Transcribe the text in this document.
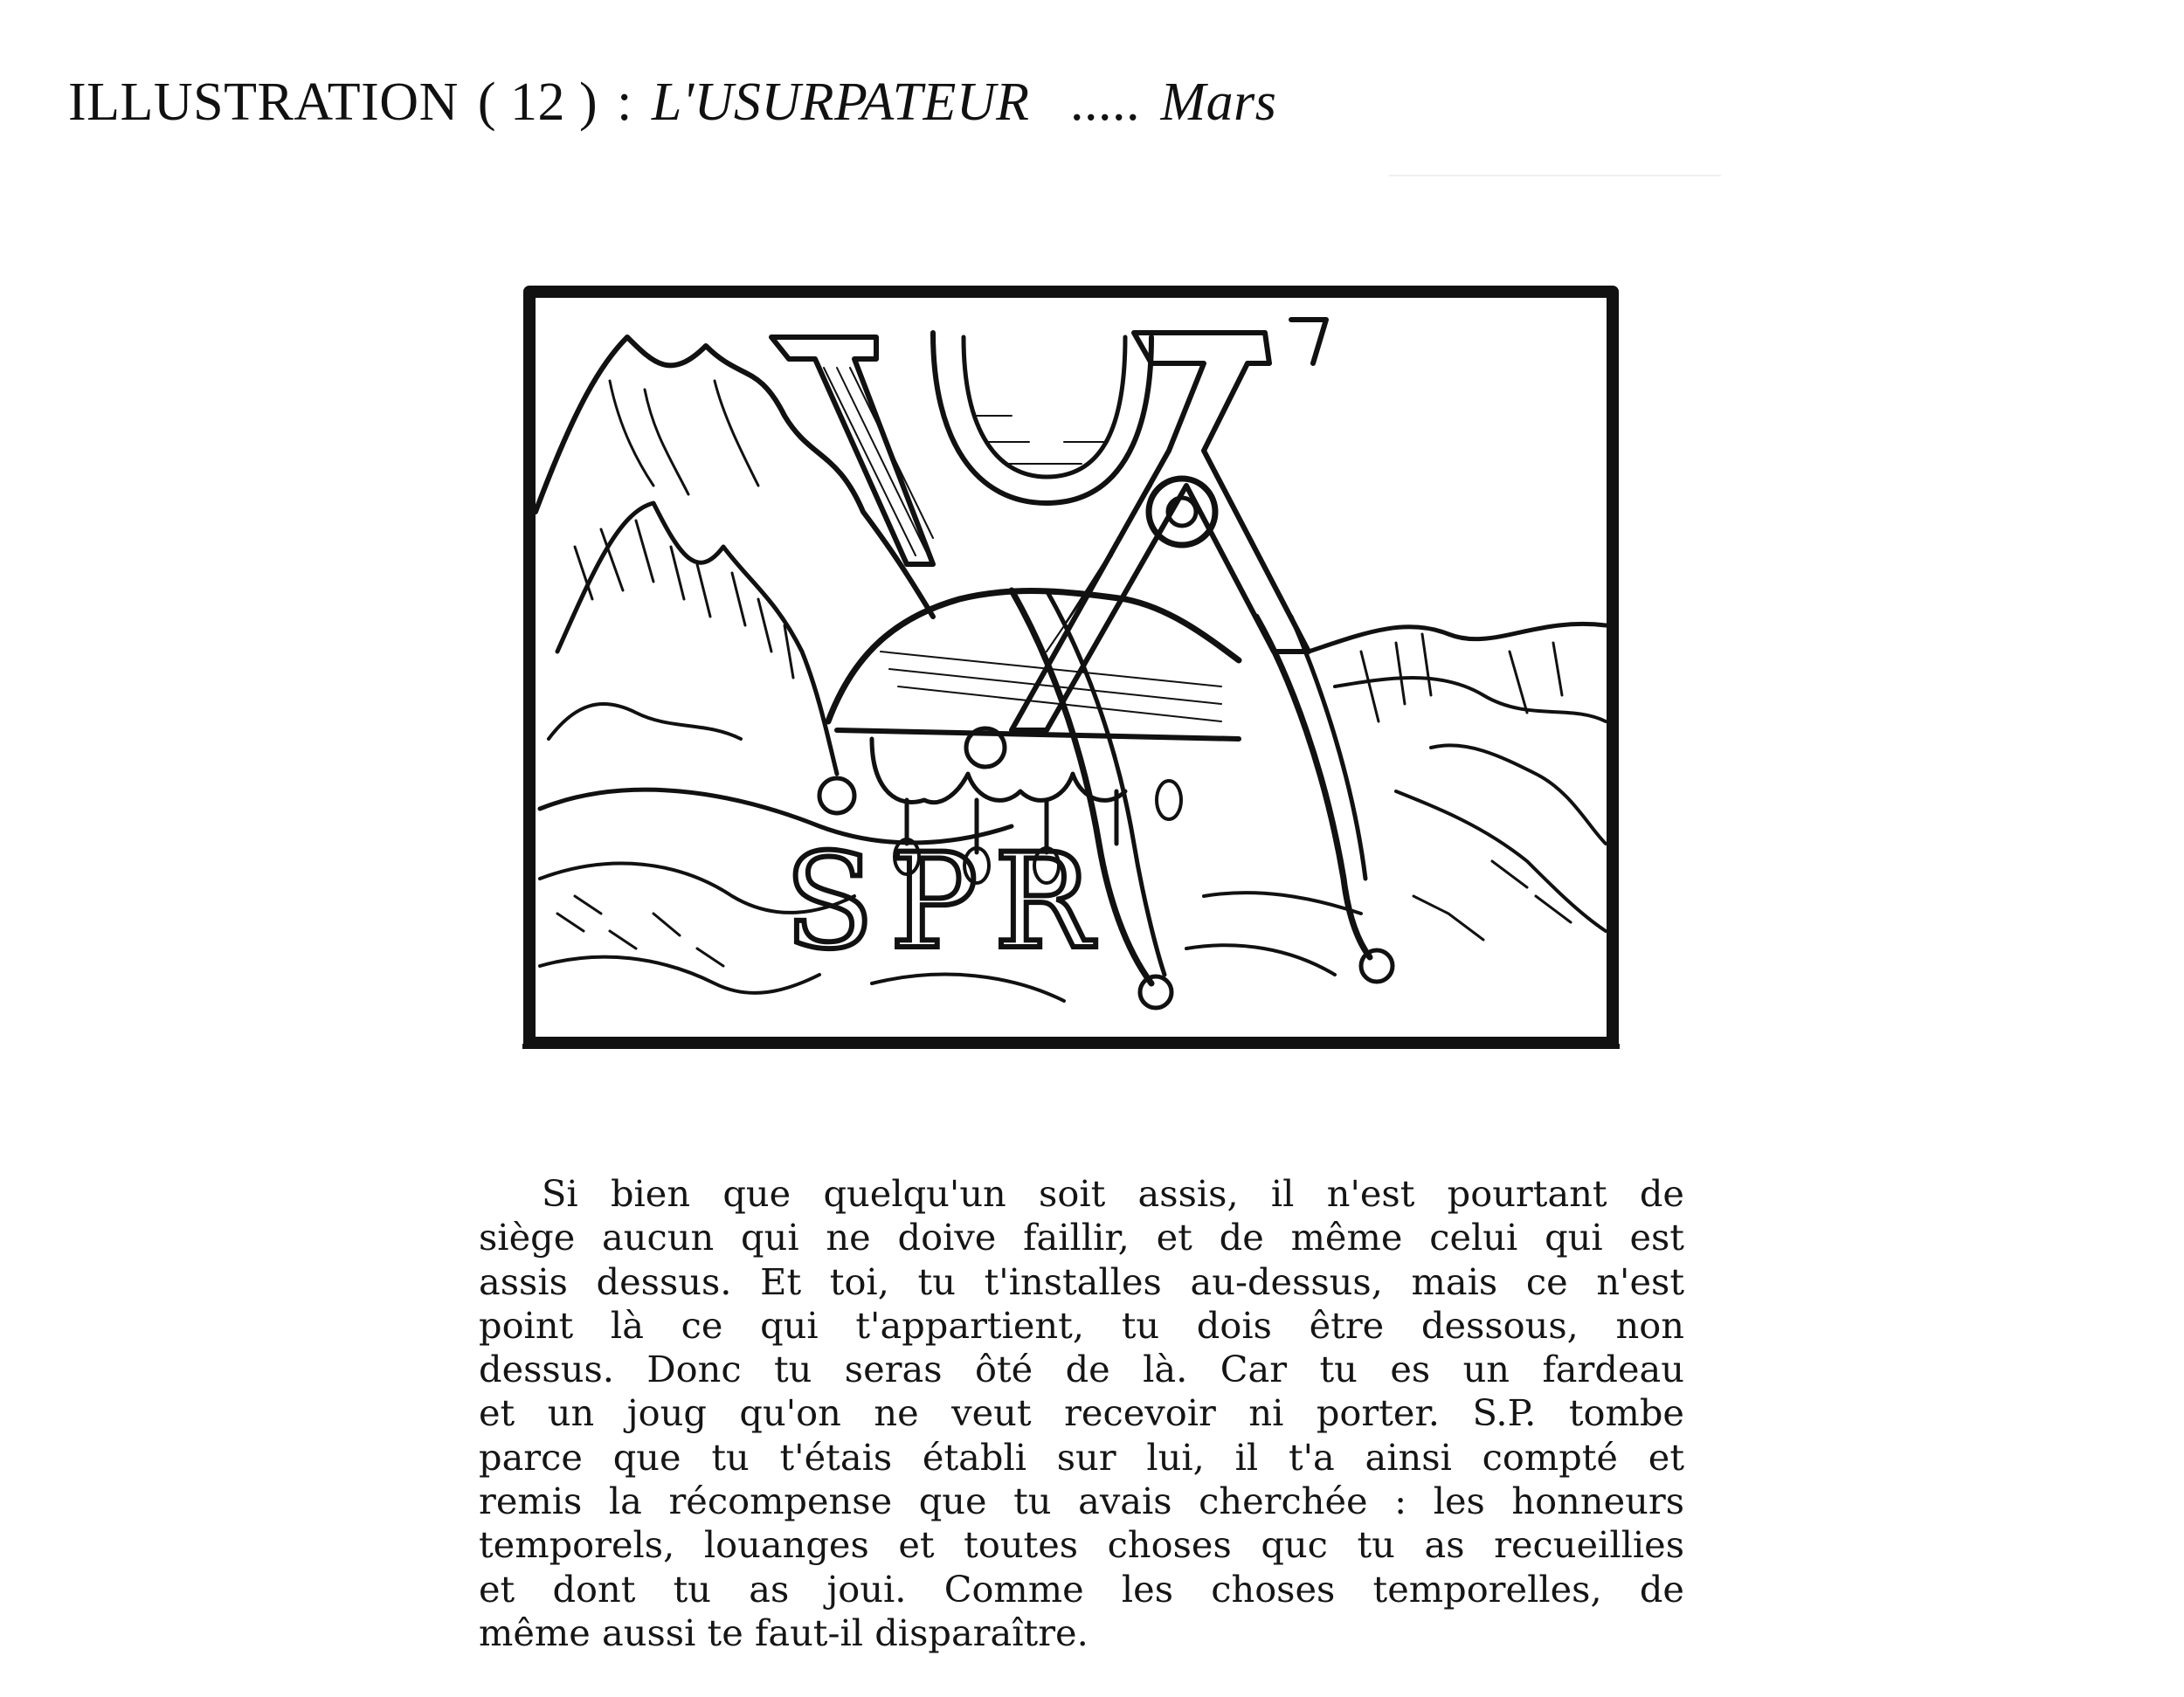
ILLUSTRATION ( 12 ) : L'USURPATEUR ..... Mars
SPR
Si bien que quelqu'un soit assis, il n'est pourtant de
siège aucun qui ne doive faillir, et de même celui qui est
assis dessus. Et toi, tu t'installes au-dessus, mais ce n'est
point là ce qui t'appartient, tu dois être dessous, non
dessus. Donc tu seras ôté de là. Car tu es un fardeau
et un joug qu'on ne veut recevoir ni porter. S.P. tombe
parce que tu t'étais établi sur lui, il t'a ainsi compté et
remis la récompense que tu avais cherchée : les honneurs
temporels, louanges et toutes choses quc tu as recueillies
et dont tu as joui. Comme les choses temporelles, de
même aussi te faut-il disparaître.
